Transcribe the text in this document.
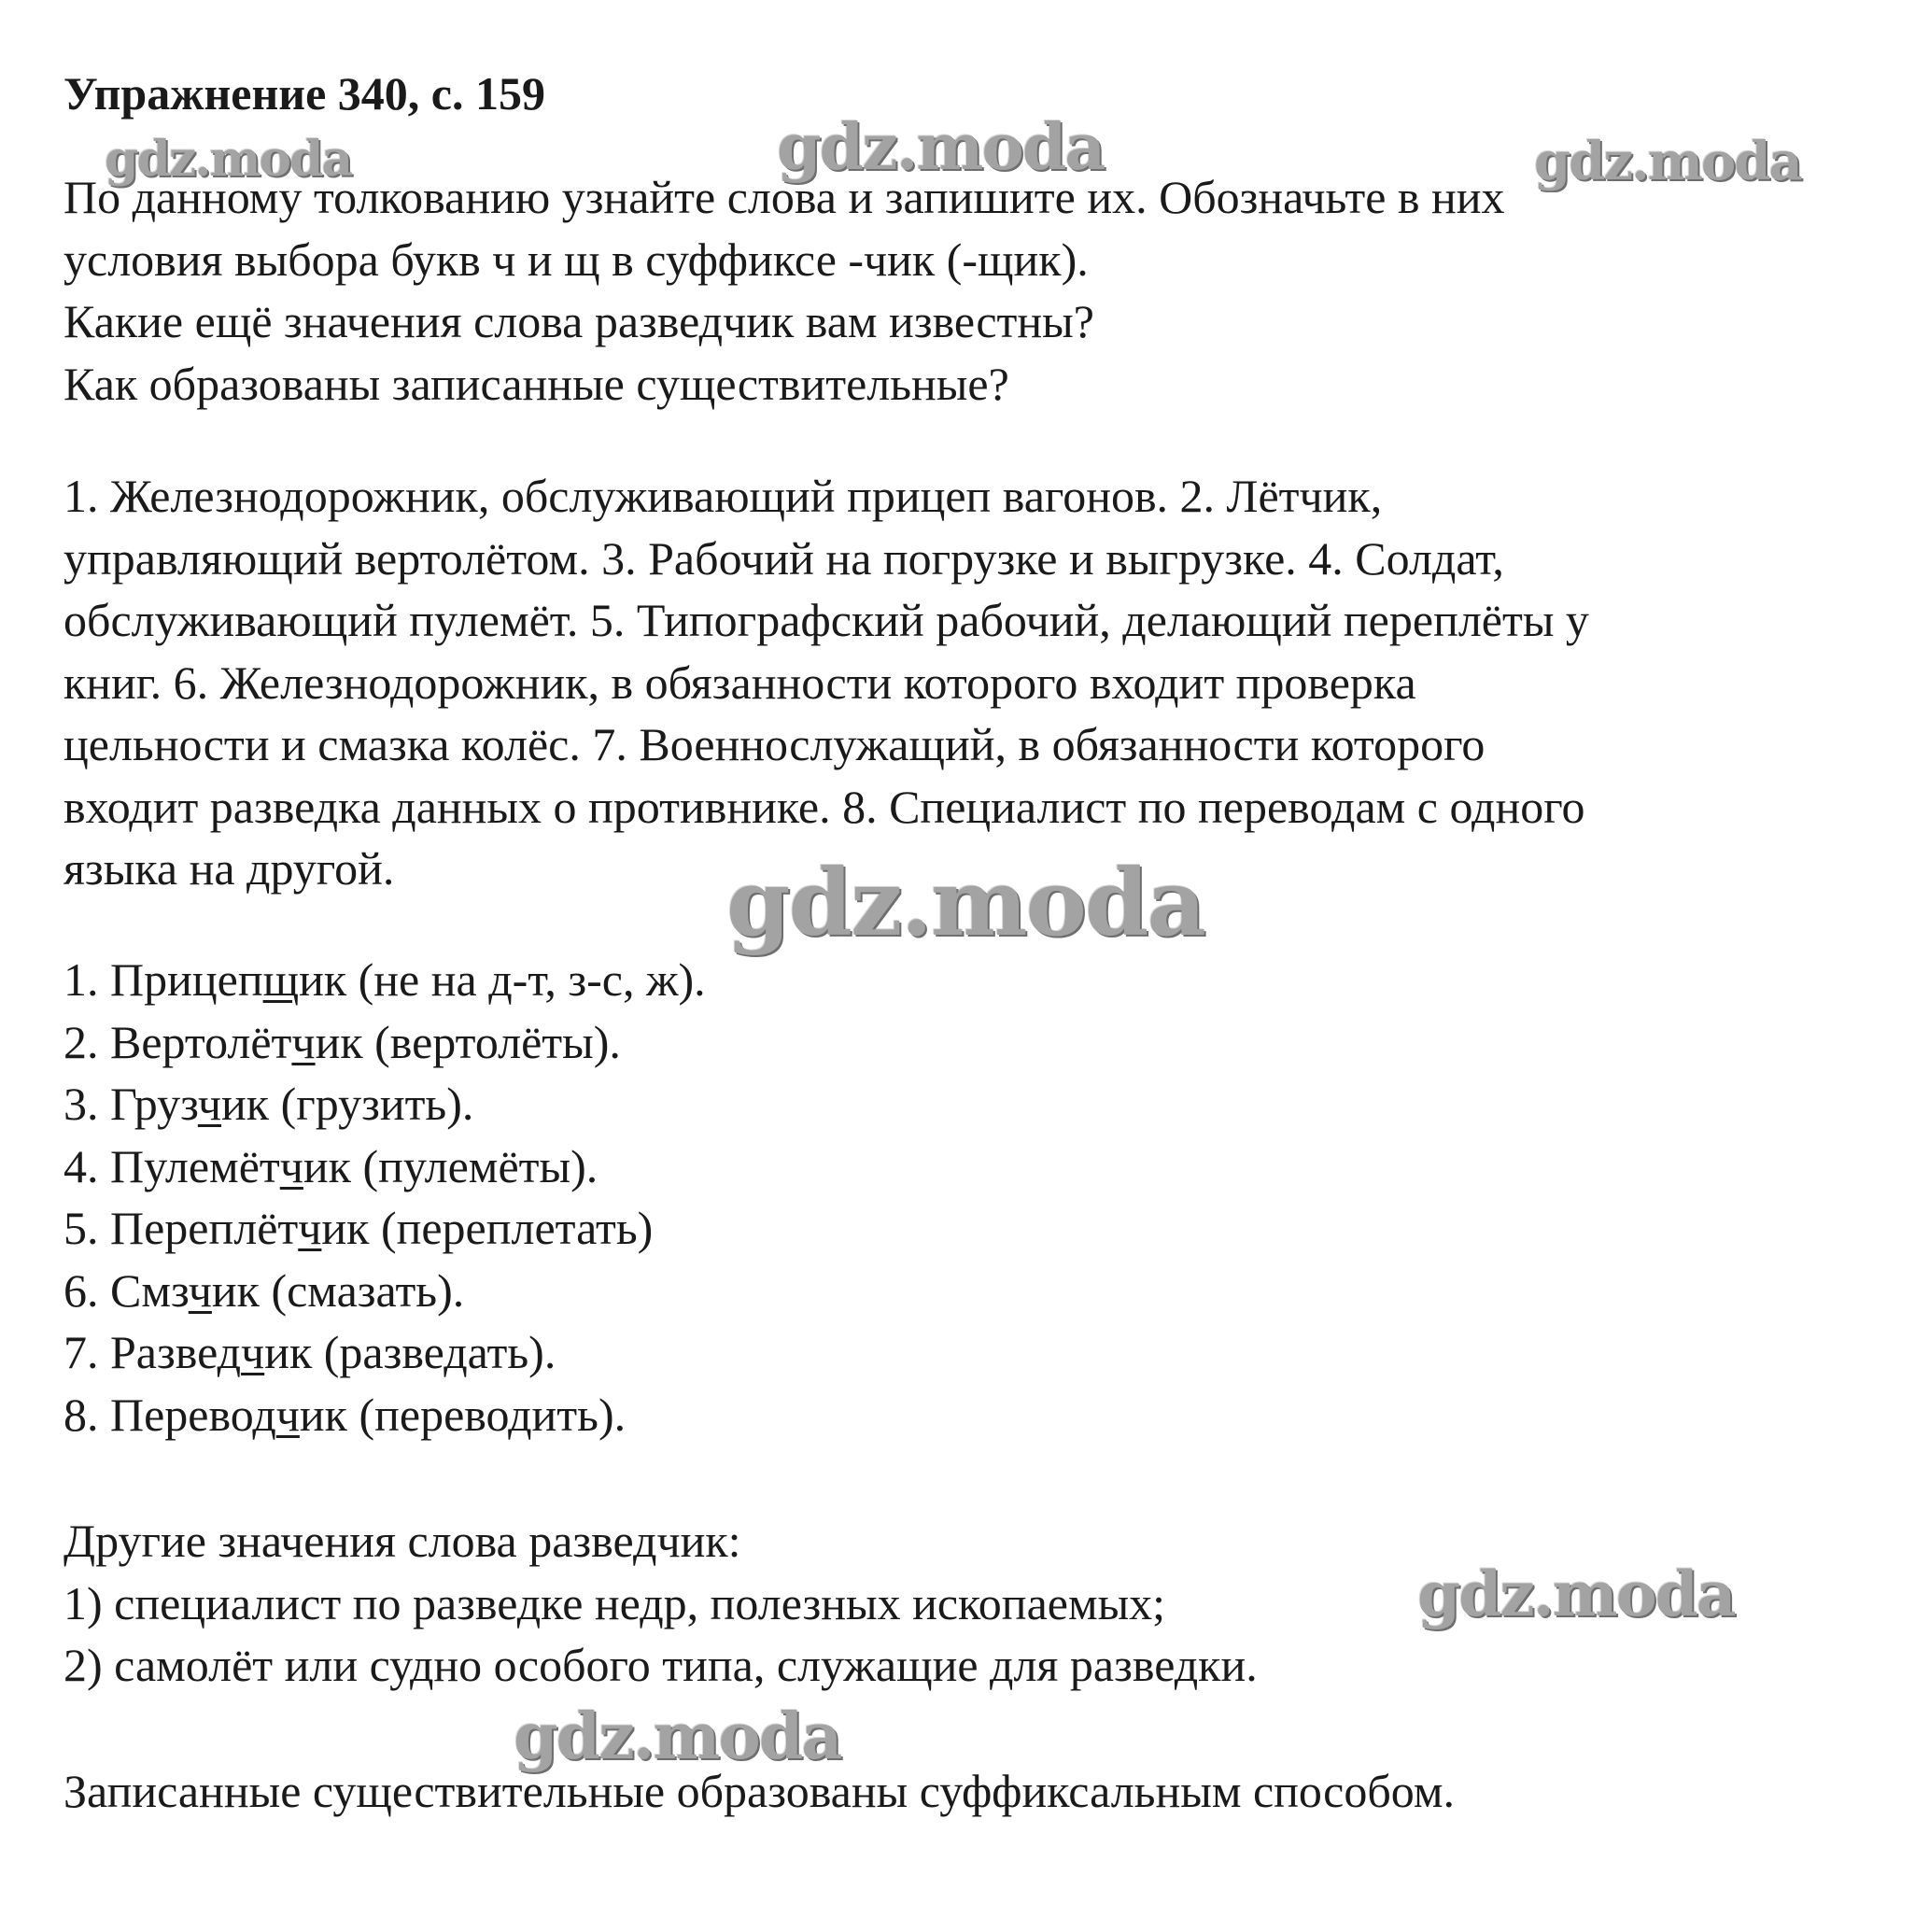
Упражнение 340, с. 159
gdz.moda	gdz.moda	gdz.moda
По данному толкованию узнайте слова и запишите их. Обозначьте в них
условия выбора букв ч и щ в суффиксе -чик (-щик).
Какие ещё значения слова разведчик вам известны?
Как образованы записанные существительные?
1. Железнодорожник, обслуживающий прицеп вагонов. 2. Лётчик,
управляющий вертолётом. 3. Рабочий на погрузке и выгрузке. 4. Солдат,
обслуживающий пулемёт. 5. Типографский рабочий, делающий переплёты у
книг. 6. Железнодорожник, в обязанности которого входит проверка
цельности и смазка колёс. 7. Военнослужащий, в обязанности которого
входит разведка данных о противнике. 8. Специалист по переводам с одного
языка на другой.	gdz.moda
1. Прицепщик (не на д-т, з-с, ж).
2. Вертолётчик (вертолёты).
3. Грузчик (грузить).
4. Пулемётчик (пулемёты).
5. Переплётчик (переплетать)
6. Смзчик (смазать).
7. Разведчик (разведать).
8. Переводчик (переводить).
Другие значения слова разведчик:
1) специалист по разведке недр, полезных ископаемых;
2) самолёт или судно особого типа, служащие для разведки.
gdz.moda
gdz.moda
Записанные существительные образованы суффиксальным способом.
